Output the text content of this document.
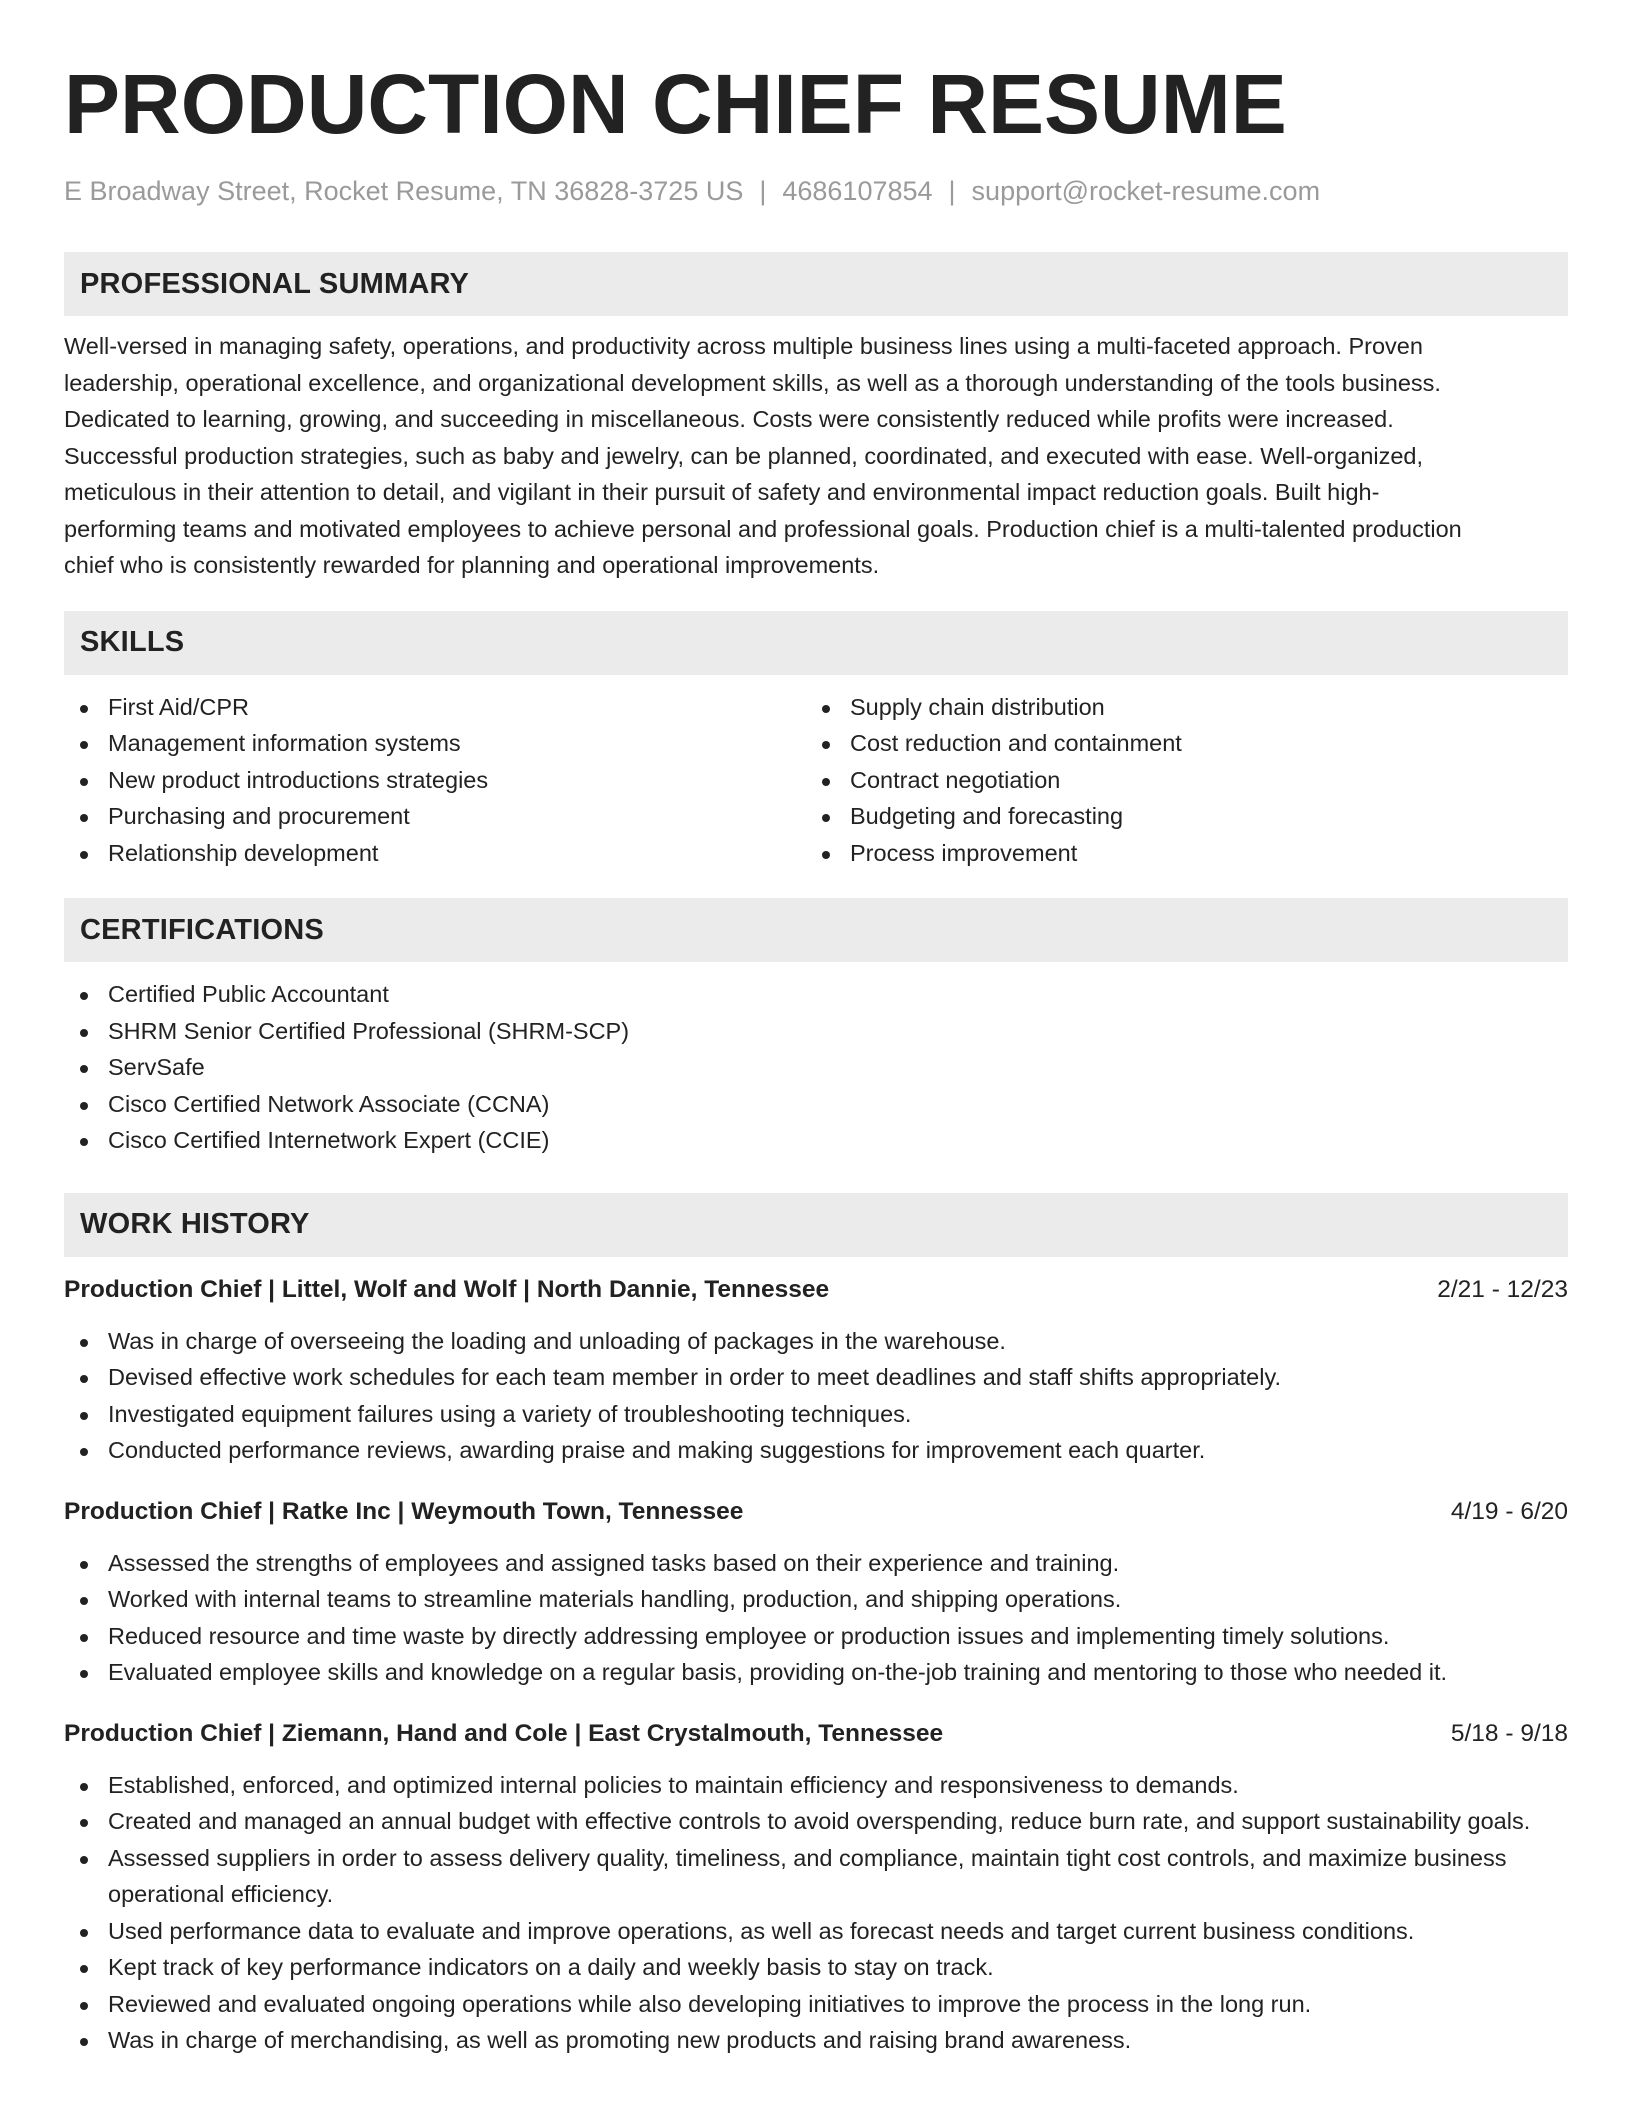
PRODUCTION CHIEF RESUME
E Broadway Street, Rocket Resume, TN 36828-3725 US | 4686107854 | support@rocket-resume.com
PROFESSIONAL SUMMARY
Well-versed in managing safety, operations, and productivity across multiple business lines using a multi-faceted approach. Proven
leadership, operational excellence, and organizational development skills, as well as a thorough understanding of the tools business.
Dedicated to learning, growing, and succeeding in miscellaneous. Costs were consistently reduced while profits were increased.
Successful production strategies, such as baby and jewelry, can be planned, coordinated, and executed with ease. Well-organized,
meticulous in their attention to detail, and vigilant in their pursuit of safety and environmental impact reduction goals. Built high-
performing teams and motivated employees to achieve personal and professional goals. Production chief is a multi-talented production
chief who is consistently rewarded for planning and operational improvements.
SKILLS
First Aid/CPR
Management information systems
New product introductions strategies
Purchasing and procurement
Relationship development
Supply chain distribution
Cost reduction and containment
Contract negotiation
Budgeting and forecasting
Process improvement
CERTIFICATIONS
Certified Public Accountant
SHRM Senior Certified Professional (SHRM-SCP)
ServSafe
Cisco Certified Network Associate (CCNA)
Cisco Certified Internetwork Expert (CCIE)
WORK HISTORY
Production Chief | Littel, Wolf and Wolf | North Dannie, Tennessee	2/21 - 12/23
Was in charge of overseeing the loading and unloading of packages in the warehouse.
Devised effective work schedules for each team member in order to meet deadlines and staff shifts appropriately.
Investigated equipment failures using a variety of troubleshooting techniques.
Conducted performance reviews, awarding praise and making suggestions for improvement each quarter.
Production Chief | Ratke Inc | Weymouth Town, Tennessee	4/19 - 6/20
Assessed the strengths of employees and assigned tasks based on their experience and training.
Worked with internal teams to streamline materials handling, production, and shipping operations.
Reduced resource and time waste by directly addressing employee or production issues and implementing timely solutions.
Evaluated employee skills and knowledge on a regular basis, providing on-the-job training and mentoring to those who needed it.
Production Chief | Ziemann, Hand and Cole | East Crystalmouth, Tennessee	5/18 - 9/18
Established, enforced, and optimized internal policies to maintain efficiency and responsiveness to demands.
Created and managed an annual budget with effective controls to avoid overspending, reduce burn rate, and support sustainability goals.
Assessed suppliers in order to assess delivery quality, timeliness, and compliance, maintain tight cost controls, and maximize business operational efficiency.
Used performance data to evaluate and improve operations, as well as forecast needs and target current business conditions.
Kept track of key performance indicators on a daily and weekly basis to stay on track.
Reviewed and evaluated ongoing operations while also developing initiatives to improve the process in the long run.
Was in charge of merchandising, as well as promoting new products and raising brand awareness.
